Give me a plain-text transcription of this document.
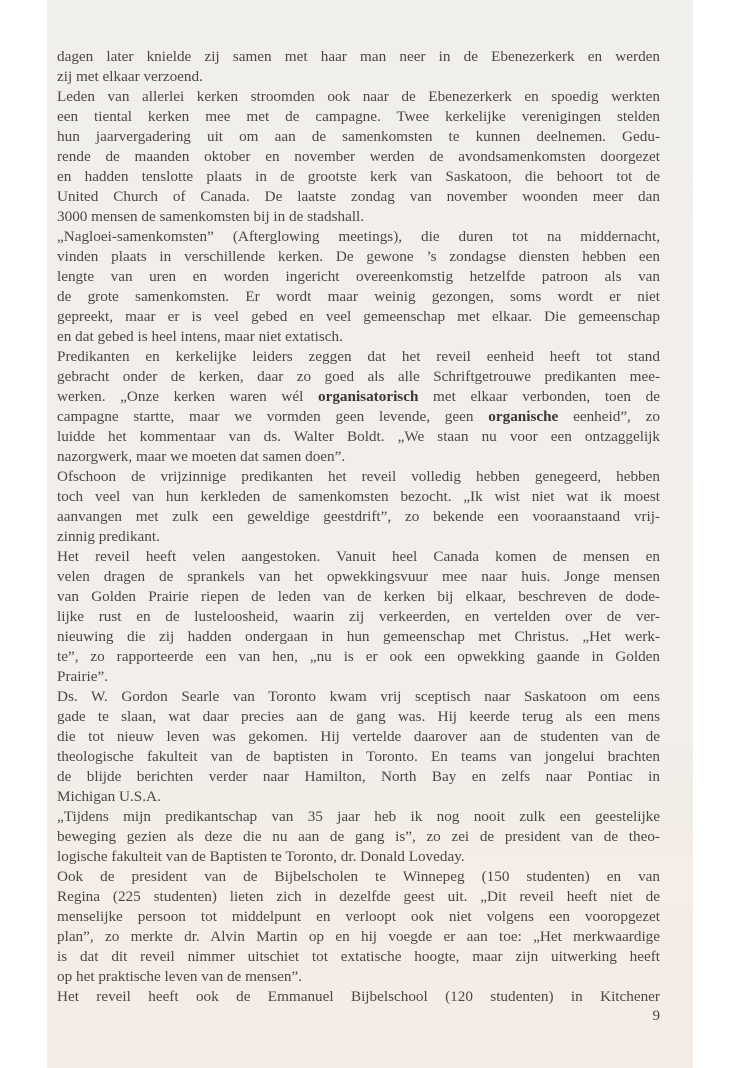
dagen later knielde zij samen met haar man neer in de Ebenezerkerk en werden
zij met elkaar verzoend.
Leden van allerlei kerken stroomden ook naar de Ebenezerkerk en spoedig werkten
een tiental kerken mee met de campagne. Twee kerkelijke verenigingen stelden
hun jaarvergadering uit om aan de samenkomsten te kunnen deelnemen. Gedu-
rende de maanden oktober en november werden de avondsamenkomsten doorgezet
en hadden tenslotte plaats in de grootste kerk van Saskatoon, die behoort tot de
United Church of Canada. De laatste zondag van november woonden meer dan
3000 mensen de samenkomsten bij in de stadshall.
„Nagloei-samenkomsten” (Afterglowing meetings), die duren tot na middernacht,
vinden plaats in verschillende kerken. De gewone ’s zondagse diensten hebben een
lengte van uren en worden ingericht overeenkomstig hetzelfde patroon als van
de grote samenkomsten. Er wordt maar weinig gezongen, soms wordt er niet
gepreekt, maar er is veel gebed en veel gemeenschap met elkaar. Die gemeenschap
en dat gebed is heel intens, maar niet extatisch.
Predikanten en kerkelijke leiders zeggen dat het reveil eenheid heeft tot stand
gebracht onder de kerken, daar zo goed als alle Schriftgetrouwe predikanten mee-
werken. „Onze kerken waren wél organisatorisch met elkaar verbonden, toen de
campagne startte, maar we vormden geen levende, geen organische eenheid”, zo
luidde het kommentaar van ds. Walter Boldt. „We staan nu voor een ontzaggelijk
nazorgwerk, maar we moeten dat samen doen”.
Ofschoon de vrijzinnige predikanten het reveil volledig hebben genegeerd, hebben
toch veel van hun kerkleden de samenkomsten bezocht. „Ik wist niet wat ik moest
aanvangen met zulk een geweldige geestdrift”, zo bekende een vooraanstaand vrij-
zinnig predikant.
Het reveil heeft velen aangestoken. Vanuit heel Canada komen de mensen en
velen dragen de sprankels van het opwekkingsvuur mee naar huis. Jonge mensen
van Golden Prairie riepen de leden van de kerken bij elkaar, beschreven de dode-
lijke rust en de lusteloosheid, waarin zij verkeerden, en vertelden over de ver-
nieuwing die zij hadden ondergaan in hun gemeenschap met Christus. „Het werk-
te”, zo rapporteerde een van hen, „nu is er ook een opwekking gaande in Golden
Prairie”.
Ds. W. Gordon Searle van Toronto kwam vrij sceptisch naar Saskatoon om eens
gade te slaan, wat daar precies aan de gang was. Hij keerde terug als een mens
die tot nieuw leven was gekomen. Hij vertelde daarover aan de studenten van de
theologische fakulteit van de baptisten in Toronto. En teams van jongelui brachten
de blijde berichten verder naar Hamilton, North Bay en zelfs naar Pontiac in
Michigan U.S.A.
„Tijdens mijn predikantschap van 35 jaar heb ik nog nooit zulk een geestelijke
beweging gezien als deze die nu aan de gang is”, zo zei de president van de theo-
logische fakulteit van de Baptisten te Toronto, dr. Donald Loveday.
Ook de president van de Bijbelscholen te Winnepeg (150 studenten) en van
Regina (225 studenten) lieten zich in dezelfde geest uit. „Dit reveil heeft niet de
menselijke persoon tot middelpunt en verloopt ook niet volgens een vooropgezet
plan”, zo merkte dr. Alvin Martin op en hij voegde er aan toe: „Het merkwaardige
is dat dit reveil nimmer uitschiet tot extatische hoogte, maar zijn uitwerking heeft
op het praktische leven van de mensen”.
Het reveil heeft ook de Emmanuel Bijbelschool (120 studenten) in Kitchener
9
